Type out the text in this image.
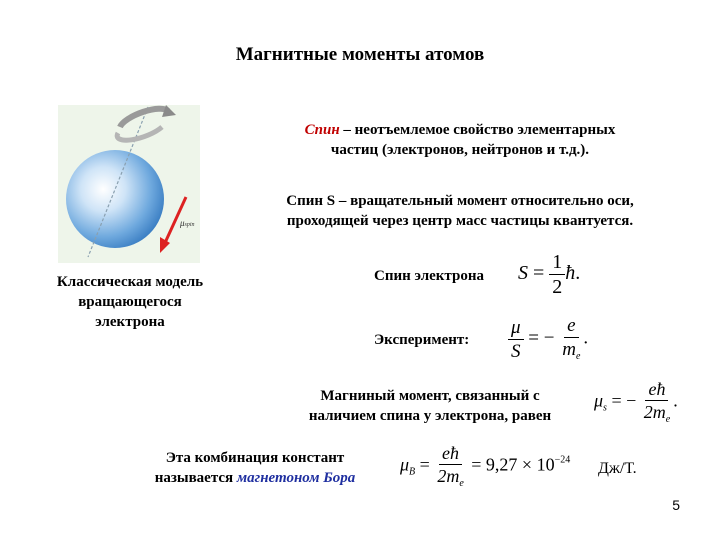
Магнитные моменты атомов
μspin
Классическая модель
вращающегося
электрона
Спин – неотъемлемое свойство элементарных
частиц (электронов, нейтронов и т.д.).
Спин S – вращательный момент относительно оси,
проходящей через центр масс частицы квантуется.
Спин электрона $S = \frac{1}{2}$ ħ.
Эксперимент: $\frac{\mu}{S}$ = − $\frac{e}{m_e}$ .
Магниный момент, связанный с
наличием спина у электрона, равен
$\mu_s$ = − $\frac{eħ}{2m_e}$ .
Эта комбинация констант
называется магнетоном Бора
$\mu_B = \frac{eħ}{2m_e} = 9,27 \times 10^{-24}$ Дж/Т.
5
